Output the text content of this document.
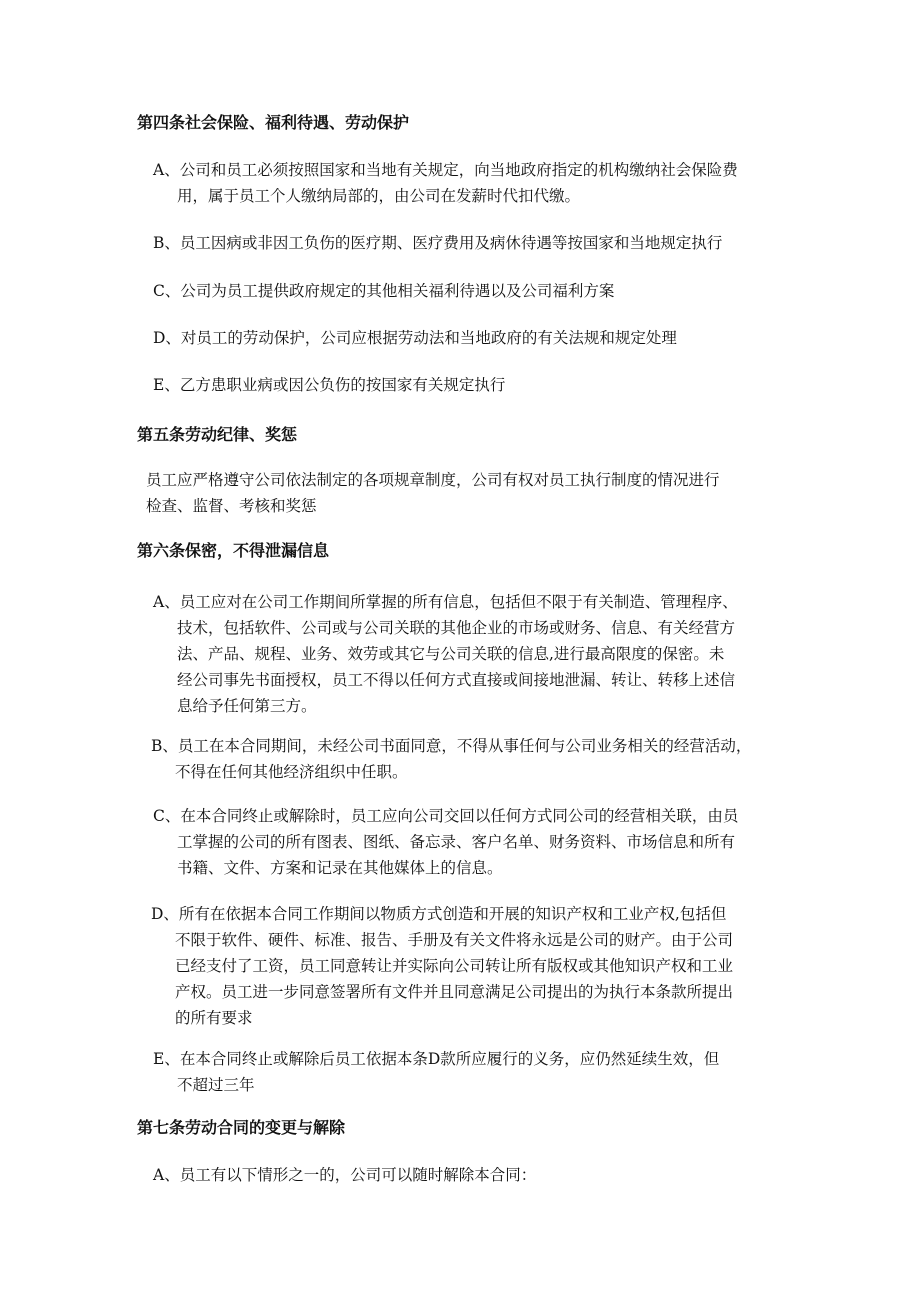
第四条社会保险、福利待遇、劳动保护
A、公司和员工必须按照国家和当地有关规定，向当地政府指定的机构缴纳社会保险费
用，属于员工个人缴纳局部的，由公司在发薪时代扣代缴。
B、员工因病或非因工负伤的医疗期、医疗费用及病休待遇等按国家和当地规定执行
C、公司为员工提供政府规定的其他相关福利待遇以及公司福利方案
D、对员工的劳动保护，公司应根据劳动法和当地政府的有关法规和规定处理
E、乙方患职业病或因公负伤的按国家有关规定执行
第五条劳动纪律、奖惩
员工应严格遵守公司依法制定的各项规章制度，公司有权对员工执行制度的情况进行
检查、监督、考核和奖惩
第六条保密，不得泄漏信息
A、员工应对在公司工作期间所掌握的所有信息，包括但不限于有关制造、管理程序、
技术，包括软件、公司或与公司关联的其他企业的市场或财务、信息、有关经营方
法、产品、规程、业务、效劳或其它与公司关联的信息,进行最高限度的保密。未
经公司事先书面授权，员工不得以任何方式直接或间接地泄漏、转让、转移上述信
息给予任何第三方。
B、员工在本合同期间，未经公司书面同意，不得从事任何与公司业务相关的经营活动，
不得在任何其他经济组织中任职。
C、在本合同终止或解除时，员工应向公司交回以任何方式同公司的经营相关联，由员
工掌握的公司的所有图表、图纸、备忘录、客户名单、财务资料、市场信息和所有
书籍、文件、方案和记录在其他媒体上的信息。
D、所有在依据本合同工作期间以物质方式创造和开展的知识产权和工业产权,包括但
不限于软件、硬件、标准、报告、手册及有关文件将永远是公司的财产。由于公司
已经支付了工资，员工同意转让并实际向公司转让所有版权或其他知识产权和工业
产权。员工进一步同意签署所有文件并且同意满足公司提出的为执行本条款所提出
的所有要求
E、在本合同终止或解除后员工依据本条D款所应履行的义务，应仍然延续生效，但
不超过三年
第七条劳动合同的变更与解除
A、员工有以下情形之一的，公司可以随时解除本合同：
